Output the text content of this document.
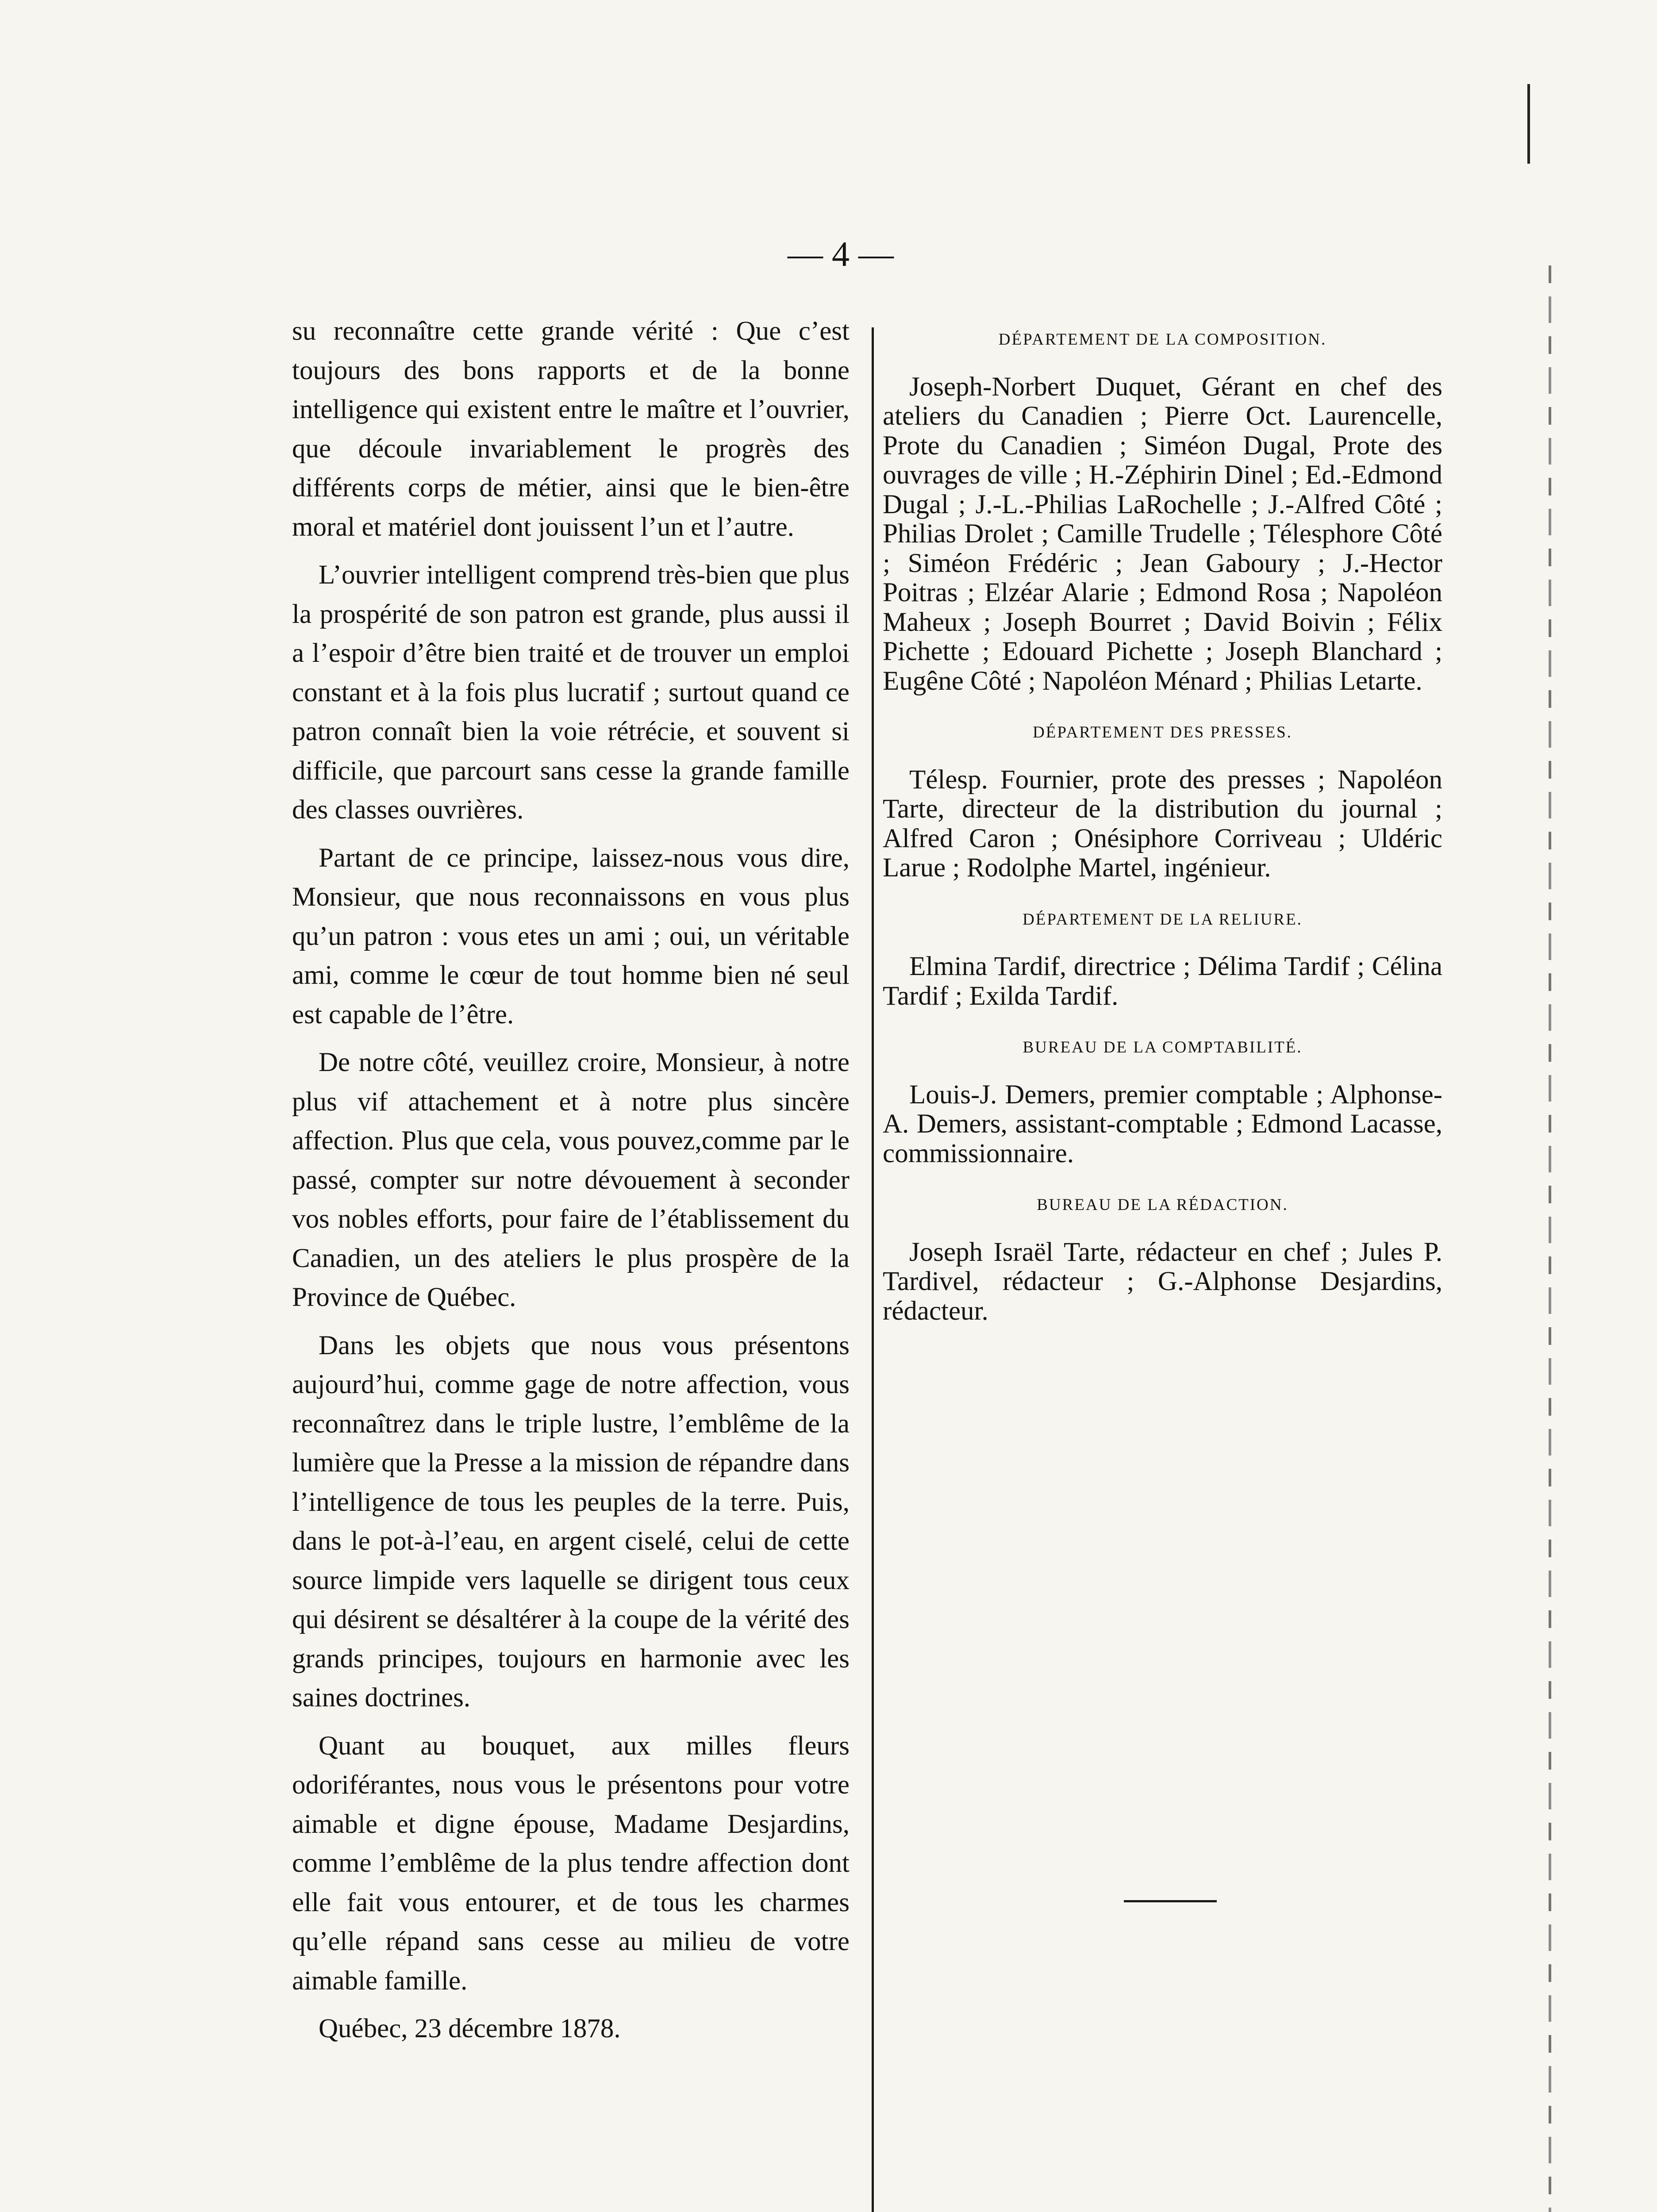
— 4 —

su reconnaître cette grande vérité : Que c’est toujours des bons rapports et de la bonne intelligence qui existent entre le maître et l’ouvrier, que découle invariablement le progrès des différents corps de métier, ainsi que le bien-être moral et matériel dont jouissent l’un et l’autre.

L’ouvrier intelligent comprend très-bien que plus la prospérité de son patron est grande, plus aussi il a l’espoir d’être bien traité et de trouver un emploi constant et à la fois plus lucratif ; surtout quand ce patron connaît bien la voie rétrécie, et souvent si difficile, que parcourt sans cesse la grande famille des classes ouvrières.

Partant de ce principe, laissez-nous vous dire, Monsieur, que nous reconnaissons en vous plus qu’un patron : vous etes un ami ; oui, un véritable ami, comme le cœur de tout homme bien né seul est capable de l’être.

De notre côté, veuillez croire, Monsieur, à notre plus vif attachement et à notre plus sincère affection. Plus que cela, vous pouvez,comme par le passé, compter sur notre dévouement à seconder vos nobles efforts, pour faire de l’établissement du Canadien, un des ateliers le plus prospère de la Province de Québec.

Dans les objets que nous vous présentons aujourd’hui, comme gage de notre affection, vous reconnaîtrez dans le triple lustre, l’emblême de la lumière que la Presse a la mission de répandre dans l’intelligence de tous les peuples de la terre. Puis, dans le pot-à-l’eau, en argent ciselé, celui de cette source limpide vers laquelle se dirigent tous ceux qui désirent se désaltérer à la coupe de la vérité des grands principes, toujours en harmonie avec les saines doctrines.

Quant au bouquet, aux milles fleurs odoriférantes, nous vous le présentons pour votre aimable et digne épouse, Madame Desjardins, comme l’emblême de la plus tendre affection dont elle fait vous entourer, et de tous les charmes qu’elle répand sans cesse au milieu de votre aimable famille.

Québec, 23 décembre 1878.

DÉPARTEMENT DE LA COMPOSITION.

Joseph-Norbert Duquet, Gérant en chef des ateliers du Canadien ; Pierre Oct. Laurencelle, Prote du Canadien ; Siméon Dugal, Prote des ouvrages de ville ; H.-Zéphirin Dinel ; Ed.-Edmond Dugal ; J.-L.-Philias LaRochelle ; J.-Alfred Côté ; Philias Drolet ; Camille Trudelle ; Télesphore Côté ; Siméon Frédéric ; Jean Gaboury ; J.-Hector Poitras ; Elzéar Alarie ; Edmond Rosa ; Napoléon Maheux ; Joseph Bourret ; David Boivin ; Félix Pichette ; Edouard Pichette ; Joseph Blanchard ; Eugêne Côté ; Napoléon Ménard ; Philias Letarte.

DÉPARTEMENT DES PRESSES.

Télesp. Fournier, prote des presses ; Napoléon Tarte, directeur de la distribution du journal ; Alfred Caron ; Onésiphore Corriveau ; Uldéric Larue ; Rodolphe Martel, ingénieur.

DÉPARTEMENT DE LA RELIURE.

Elmina Tardif, directrice ; Délima Tardif ; Célina Tardif ; Exilda Tardif.

BUREAU DE LA COMPTABILITÉ.

Louis-J. Demers, premier comptable ; Alphonse-A. Demers, assistant-comptable ; Edmond Lacasse, commissionnaire.

BUREAU DE LA RÉDACTION.

Joseph Israël Tarte, rédacteur en chef ; Jules P. Tardivel, rédacteur ; G.-Alphonse Desjardins, rédacteur.
